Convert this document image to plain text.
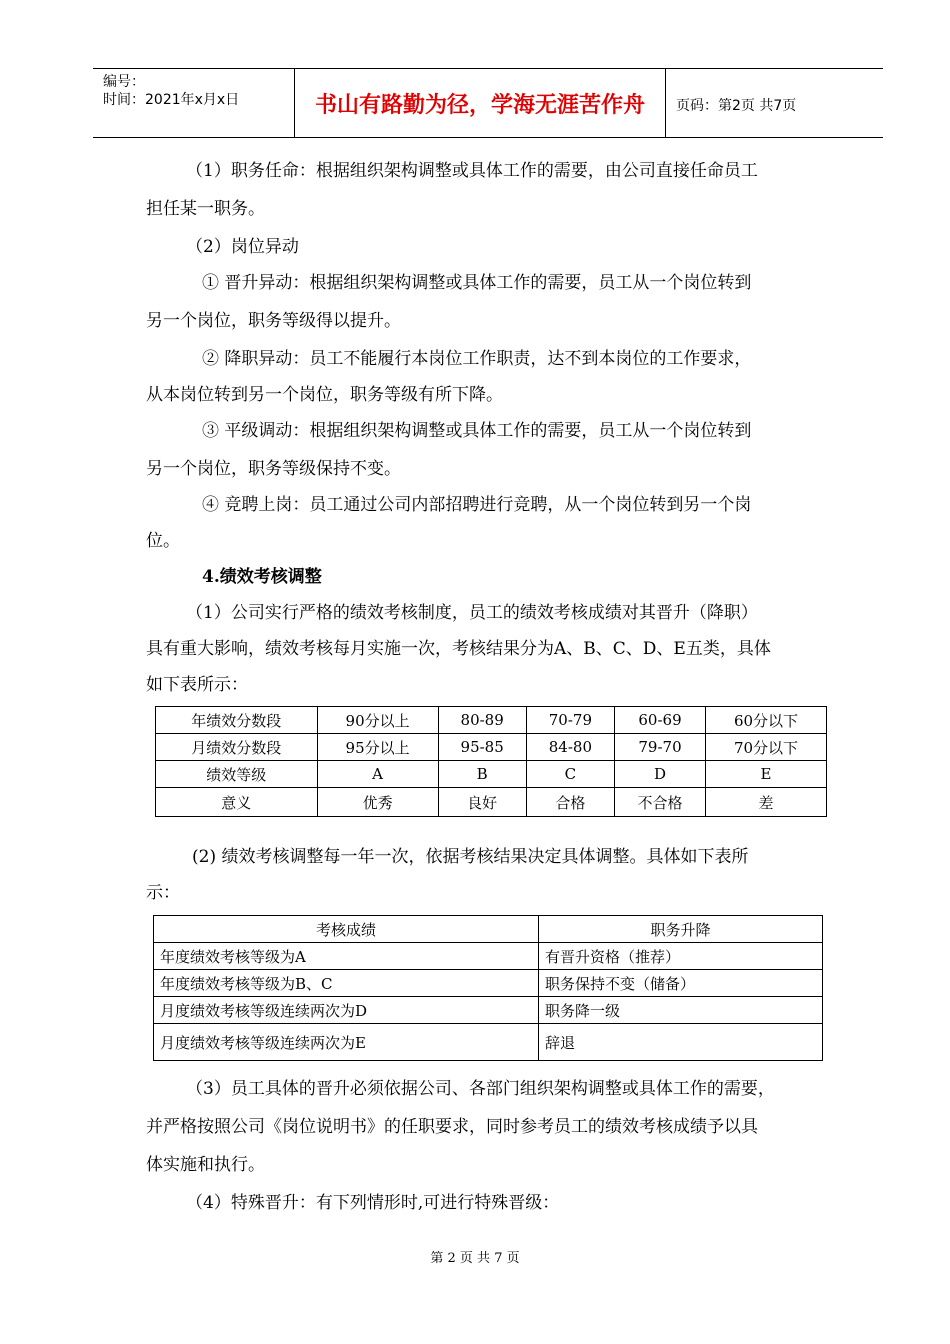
编号：
时间：2021年x月x日	书山有路勤为径，学海无涯苦作舟	页码：第2页 共7页
（1）职务任命：根据组织架构调整或具体工作的需要，由公司直接任命员工
担任某一职务。
（2）岗位异动
① 晋升异动：根据组织架构调整或具体工作的需要，员工从一个岗位转到
另一个岗位，职务等级得以提升。
② 降职异动：员工不能履行本岗位工作职责，达不到本岗位的工作要求，
从本岗位转到另一个岗位，职务等级有所下降。
③ 平级调动：根据组织架构调整或具体工作的需要，员工从一个岗位转到
另一个岗位，职务等级保持不变。
④ 竞聘上岗：员工通过公司内部招聘进行竞聘，从一个岗位转到另一个岗
位。
4.绩效考核调整
（1）公司实行严格的绩效考核制度，员工的绩效考核成绩对其晋升（降职）
具有重大影响，绩效考核每月实施一次，考核结果分为A、B、C、D、E五类，具体
如下表所示：
年绩效分数段	90分以上	80-89	70-79	60-69	60分以下
月绩效分数段	95分以上	95-85	84-80	79-70	70分以下
绩效等级	A	B	C	D	E
意义	优秀	良好	合格	不合格	差
(2) 绩效考核调整每一年一次，依据考核结果决定具体调整。具体如下表所
示：
考核成绩	职务升降
年度绩效考核等级为A	有晋升资格（推荐）
年度绩效考核等级为B、C	职务保持不变（储备）
月度绩效考核等级连续两次为D	职务降一级
月度绩效考核等级连续两次为E	辞退
（3）员工具体的晋升必须依据公司、各部门组织架构调整或具体工作的需要，
并严格按照公司《岗位说明书》的任职要求，同时参考员工的绩效考核成绩予以具
体实施和执行。
（4）特殊晋升：有下列情形时,可进行特殊晋级：
第 2 页 共 7 页
